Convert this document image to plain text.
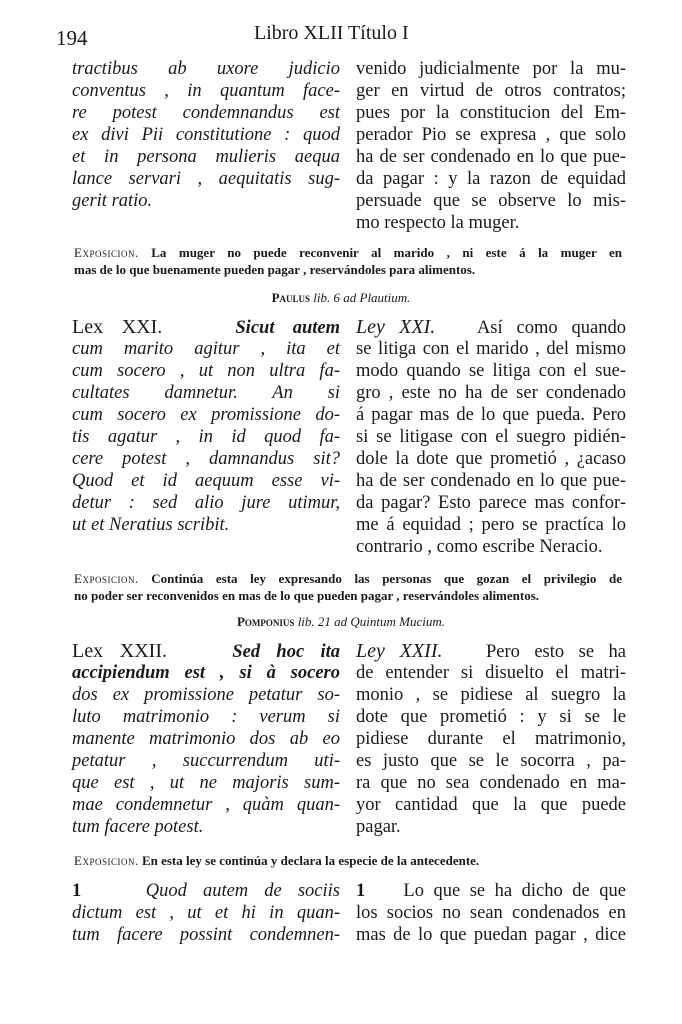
194	Libro XLII Título I
tractibus ab uxore judicio
conventus , in quantum face-
re potest condemnandus est
ex divi Pii constitutione : quod
et in persona mulieris aequa
lance servari , aequitatis sug-
gerit ratio.
venido judicialmente por la mu-
ger en virtud de otros contratos;
pues por la constitucion del Em-
perador Pio se expresa , que solo
ha de ser condenado en lo que pue-
da pagar : y la razon de equidad
persuade que se observe lo mis-
mo respecto la muger.
Exposicion. La muger no puede reconvenir al marido , ni este á la muger en
mas de lo que buenamente pueden pagar , reservándoles para alimentos.
Paulus lib. 6 ad Plautium.
Lex XXI.	Sicut autem
cum marito agitur , ita et
cum socero , ut non ultra fa-
cultates damnetur. An si
cum socero ex promissione do-
tis agatur , in id quod fa-
cere potest , damnandus sit?
Quod et id aequum esse vi-
detur : sed alio jure utimur,
ut et Neratius scribit.
Ley XXI. Así como quando
se litiga con el marido , del mismo
modo quando se litiga con el sue-
gro , este no ha de ser condenado
á pagar mas de lo que pueda. Pero
si se litigase con el suegro pidién-
dole la dote que prometió , ¿acaso
ha de ser condenado en lo que pue-
da pagar? Esto parece mas confor-
me á equidad ; pero se practíca lo
contrario , como escribe Neracio.
Exposicion. Continúa esta ley expresando las personas que gozan el privilegio de
no poder ser reconvenidos en mas de lo que pueden pagar , reservándoles alimentos.
Pomponius lib. 21 ad Quintum Mucium.
Lex XXII.	Sed hoc ita
accipiendum est , si à socero
dos ex promissione petatur so-
luto matrimonio : verum si
manente matrimonio dos ab eo
petatur , succurrendum uti-
que est , ut ne majoris sum-
mae condemnetur , quàm quan-
tum facere potest.
Ley XXII. Pero esto se ha
de entender si disuelto el matri-
monio , se pidiese al suegro la
dote que prometió : y si se le
pidiese durante el matrimonio,
es justo que se le socorra , pa-
ra que no sea condenado en ma-
yor cantidad que la que puede
pagar.
Exposicion. En esta ley se continúa y declara la especie de la antecedente.
1	Quod autem de sociis
dictum est , ut et hi in quan-
tum facere possint condemnen-
1 Lo que se ha dicho de que
los socios no sean condenados en
mas de lo que puedan pagar , dice
